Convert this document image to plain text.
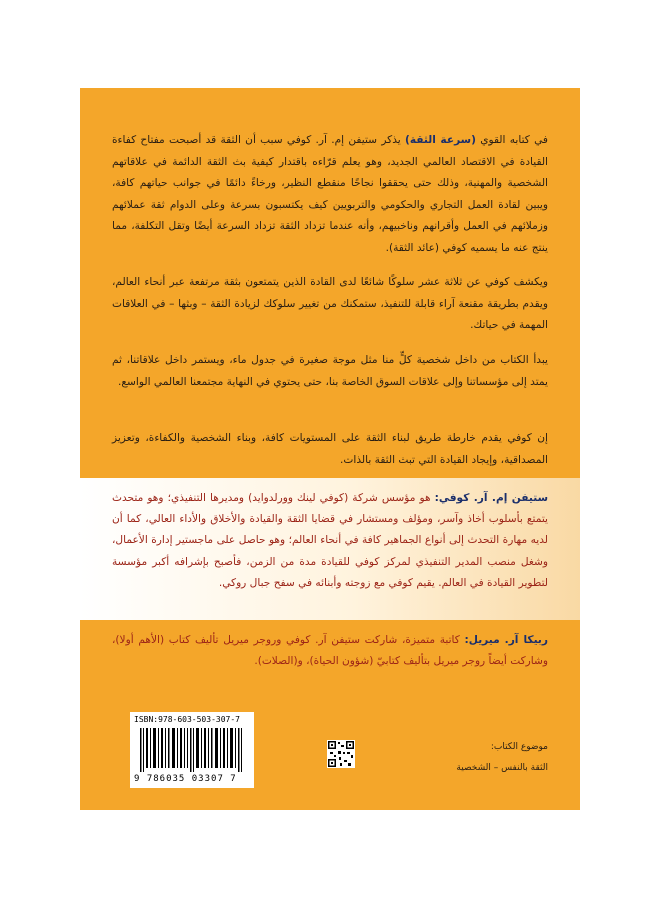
في كتابه القوي (سرعة الثقة) يذكر ستيفن إم. آر. كوفي سبب أن الثقة قد أصبحت مفتاح كفاءة القيادة في الاقتصاد العالمي الجديد، وهو يعلم قرّاءه باقتدار كيفية بث الثقة الدائمة في علاقاتهم الشخصية والمهنية، وذلك حتى يحققوا نجاحًا منقطع النظير، ورخاءً دائمًا في جوانب حياتهم كافة، ويبين لقادة العمل التجاري والحكومي والتربويين كيف يكتسبون بسرعة وعلى الدوام ثقة عملائهم وزملائهم في العمل وأقرانهم وناخبيهم، وأنه عندما تزداد الثقة تزداد السرعة أيضًا وتقل التكلفة، مما ينتج عنه ما يسميه كوفي (عائد الثقة).

ويكشف كوفي عن ثلاثة عشر سلوكًا شائعًا لدى القادة الذين يتمتعون بثقة مرتفعة عبر أنحاء العالم، ويقدم بطريقة مقنعة آراء قابلة للتنفيذ، ستمكنك من تغيير سلوكك لزيادة الثقة – وبثها – في العلاقات المهمة في حياتك.

يبدأ الكتاب من داخل شخصية كلٍّ منا مثل موجة صغيرة في جدول ماء، ويستمر داخل علاقاتنا، ثم يمتد إلى مؤسساتنا وإلى علاقات السوق الخاصة بنا، حتى يحتوي في النهاية مجتمعنا العالمي الواسع.

إن كوفي يقدم خارطة طريق لبناء الثقة على المستويات كافة، وبناء الشخصية والكفاءة، وتعزيز المصداقية، وإيجاد القيادة التي تبث الثقة بالذات.

ستيفن إم. آر. كوفي: هو مؤسس شركة (كوفي لينك وورلدوايد) ومديرها التنفيذي؛ وهو متحدث يتمتع بأسلوب أخاذ وآسر، ومؤلف ومستشار في قضايا الثقة والقيادة والأخلاق والأداء العالي، كما أن لديه مهارة التحدث إلى أنواع الجماهير كافة في أنحاء العالم؛ وهو حاصل على ماجستير إدارة الأعمال، وشغل منصب المدير التنفيذي لمركز كوفي للقيادة مدة من الزمن، فأصبح بإشرافه أكبر مؤسسة لتطوير القيادة في العالم. يقيم كوفي مع زوجته وأبنائه في سفح جبال روكي.

ربيكا آر. ميريل: كاتبة متميزة، شاركت ستيفن آر. كوفي وروجر ميريل تأليف كتاب (الأهم أولا)، وشاركت أيضاً روجر ميريل بتأليف كتابيّ (شؤون الحياة)، و(الصلات).

ISBN:978-603-503-307-7
9 786035 03307 7
موضوع الكتاب:
الثقة بالنفس – الشخصية
